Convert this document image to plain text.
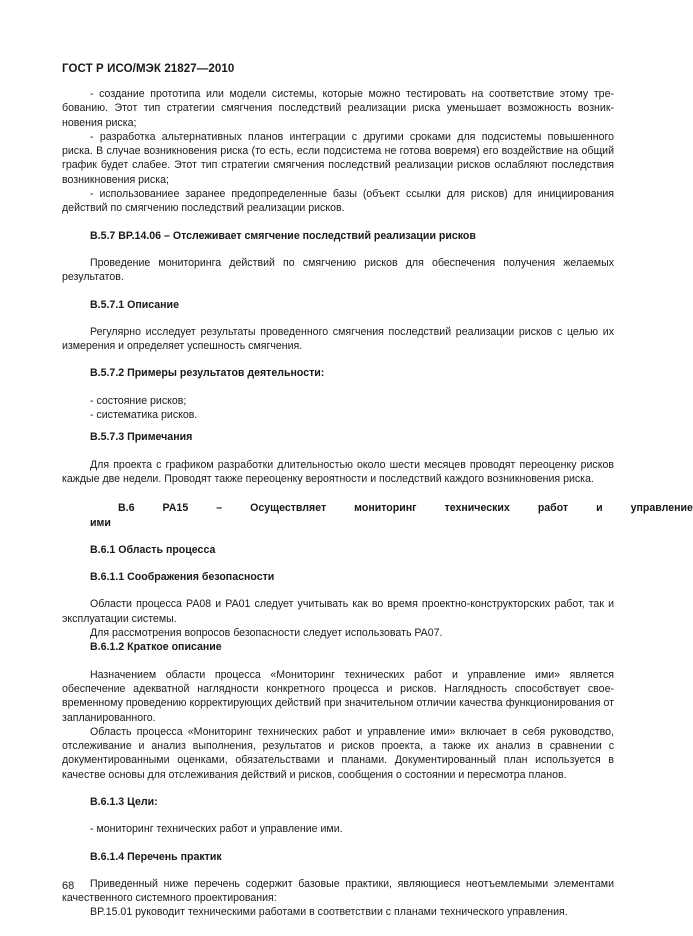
ГОСТ Р ИСО/МЭК 21827—2010

- создание прототипа или модели системы, которые можно тестировать на соответствие этому требованию. Этот тип стратегии смягчения последствий реализации риска уменьшает возможность возникновения риска;

- разработка альтернативных планов интеграции с другими сроками для подсистемы повышенного риска. В случае возникновения риска (то есть, если подсистема не готова вовремя) его воздействие на общий график будет слабее. Этот тип стратегии смягчения последствий реализации рисков ослабляют последствия возникновения риска;

- использованиее заранее предопределенные базы (объект ссылки для рисков) для инициирования действий по смягчению последствий реализации рисков.

В.5.7 BP.14.06 – Отслеживает смягчение последствий реализации рисков

Проведение мониторинга действий по смягчению рисков для обеспечения получения желаемых результатов.

В.5.7.1 Описание

Регулярно исследует результаты проведенного смягчения последствий реализации рисков с целью их измерения и определяет успешность смягчения.

В.5.7.2 Примеры результатов деятельности:

- состояние рисков;

- систематика рисков.

В.5.7.3 Примечания

Для проекта с графиком разработки длительностью около шести месяцев проводят переоценку рисков каждые две недели. Проводят также переоценку вероятности и последствий каждого возникновения риска.

В.6	PA15	–	Осуществляет	мониторинг	технических	работ	и	управление

ими

В.6.1 Область процесса

В.6.1.1 Соображения безопасности

Области процесса PA08 и PA01 следует учитывать как во время проектно-конструкторских работ, так и эксплуатации системы.

Для рассмотрения вопросов безопасности следует использовать PA07.

В.6.1.2 Краткое описание

Назначением области процесса «Мониторинг технических работ и управление ими» является обеспечение адекватной наглядности конкретного процесса и рисков. Наглядность способствует своевременному проведению корректирующих действий при значительном отличии качества функционирования от запланированного.

Область процесса «Мониторинг технических работ и управление ими» включает в себя руководство, отслеживание и анализ выполнения, результатов и рисков проекта, а также их анализ в сравнении с документированными оценками, обязательствами и планами. Документированный план используется в качестве основы для отслеживания действий и рисков, сообщения о состоянии и пересмотра планов.

В.6.1.3 Цели:

- мониторинг технических работ и управление ими.

В.6.1.4 Перечень практик

Приведенный ниже перечень содержит базовые практики, являющиеся неотъемлемыми элементами качественного системного проектирования:

BP.15.01 руководит техническими работами в соответствии с планами технического управления.

68
